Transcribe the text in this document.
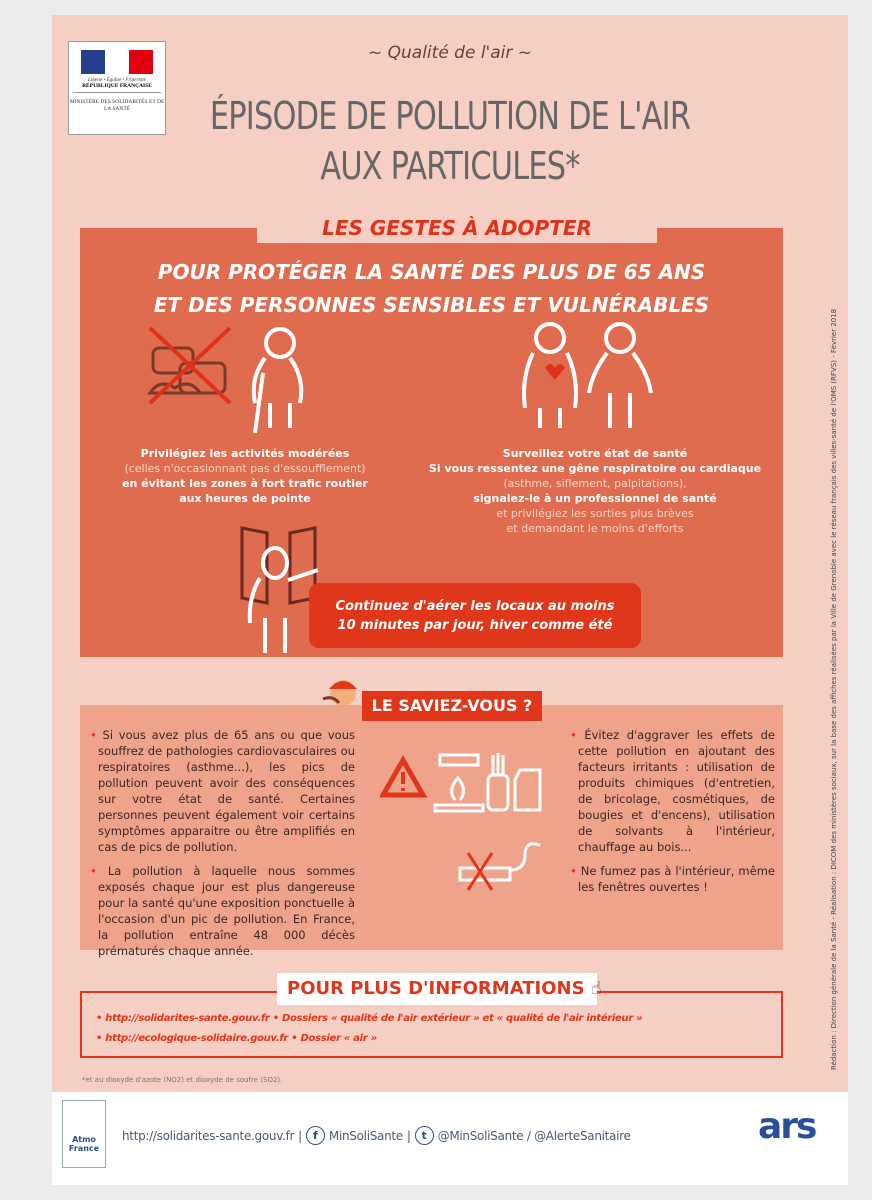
Liberté • Égalité • Fraternité
RÉPUBLIQUE FRANÇAISE
MINISTÈRE DES SOLIDARITÉS ET DE LA SANTÉ
~ Qualité de l'air ~
ÉPISODE DE POLLUTION DE L'AIR
AUX PARTICULES*
LES GESTES À ADOPTER
POUR PROTÉGER LA SANTÉ DES PLUS DE 65 ANS
ET DES PERSONNES SENSIBLES ET VULNÉRABLES
Privilégiez les activités modérées
(celles n'occasionnant pas d'essoufflement)
en évitant les zones à fort trafic routier
aux heures de pointe
Surveillez votre état de santé
Si vous ressentez une gêne respiratoire ou cardiaque
(asthme, siflement, palpitations),
signalez-le à un professionnel de santé
et privilégiez les sorties plus brèves
et demandant le moins d'efforts
Continuez d'aérer les locaux au moins
10 minutes par jour, hiver comme été
LE SAVIEZ-VOUS ?

• Si vous avez plus de 65 ans ou que vous souffrez de pathologies cardiovasculaires ou respiratoires (asthme...), les pics de pollution peuvent avoir des conséquences sur votre état de santé. Certaines personnes peuvent également voir certains symptômes apparaitre ou être amplifiés en cas de pics de pollution.

• La pollution à laquelle nous sommes exposés chaque jour est plus dangereuse pour la santé qu'une exposition ponctuelle à l'occasion d'un pic de pollution. En France, la pollution entraîne 48 000 décès prématurés chaque année.

• Évitez d'aggraver les effets de cette pollution en ajoutant des facteurs irritants : utilisation de produits chimiques (d'entretien, de bricolage, cosmétiques, de bougies et d'encens), utilisation de solvants à l'intérieur, chauffage au bois...

• Ne fumez pas à l'intérieur, même les fenêtres ouvertes !

POUR PLUS D'INFORMATIONS ☝
• http://solidarites-sante.gouv.fr • Dossiers « qualité de l'air extérieur » et « qualité de l'air intérieur »
• http://ecologique-solidaire.gouv.fr • Dossier « air »
*et au dioxyde d'azote (NO2) et dioxyde de soufre (SO2).
Rédaction : Direction générale de la Santé - Réalisation : DICOM des ministères sociaux, sur la base des affiches réalisées par la Ville de Grenoble avec le réseau français des villes-santé de l'OMS (RFVS) - Février 2018
Atmo France
http://solidarites-sante.gouv.fr |	f MinSoliSante | t @MinSoliSante / @AlerteSanitaire	ars
